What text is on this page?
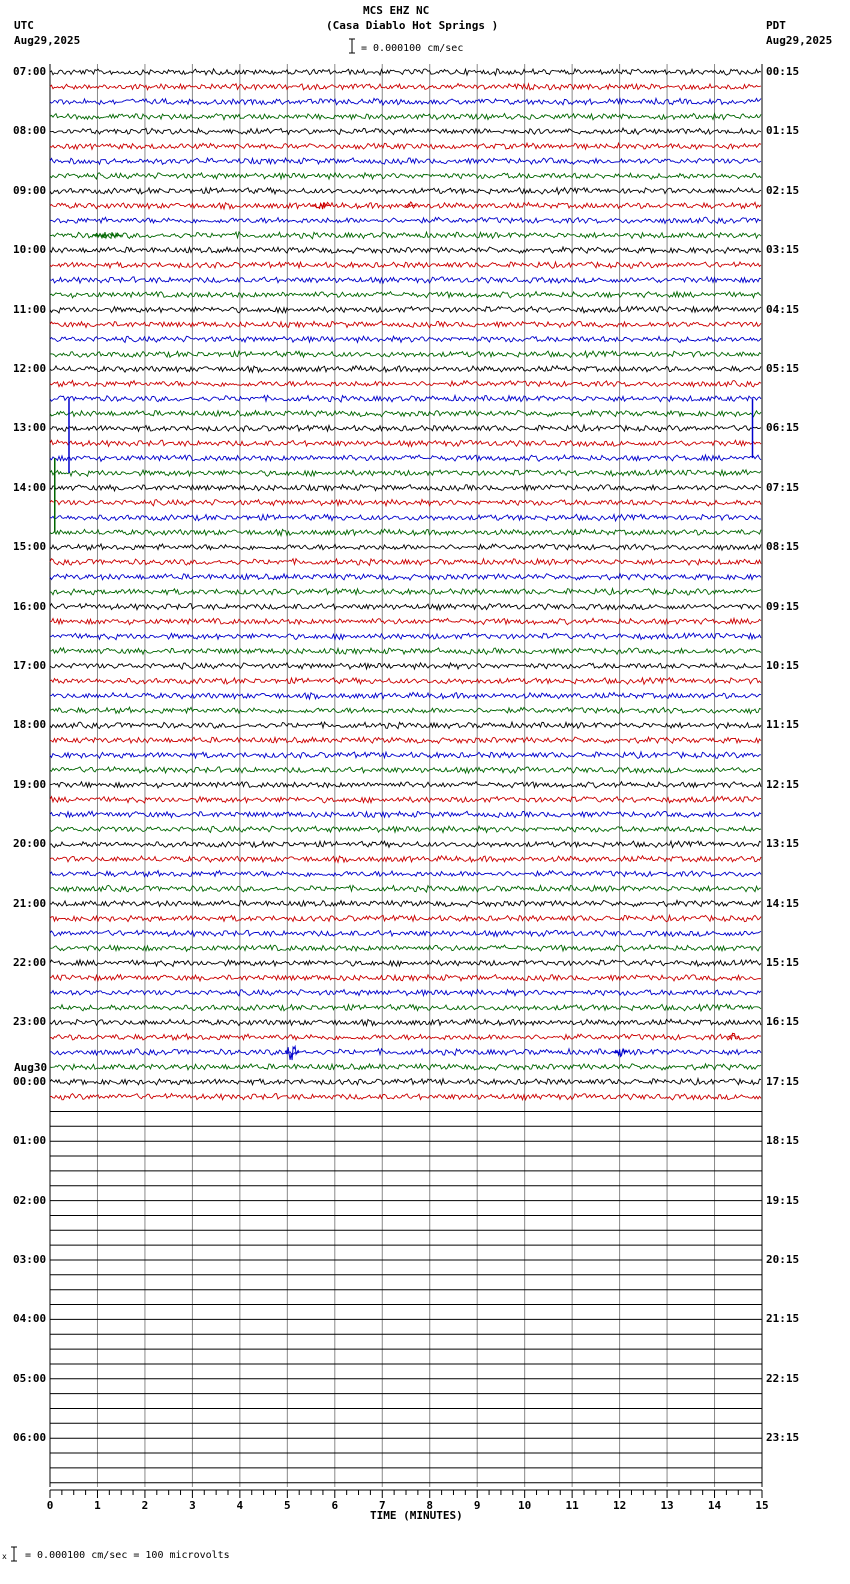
0	1	2	3	4	5	6	7	8	9	10	11	12	13	14	15
MCS EHZ NC
(Casa Diablo Hot Springs )
UTC
Aug29,2025
PDT
Aug29,2025
= 0.000100 cm/sec
TIME (MINUTES)
Aug30
07:00	00:15
08:00	01:15
09:00	02:15
10:00	03:15
11:00	04:15
12:00	05:15
13:00	06:15
14:00	07:15
15:00	08:15
16:00	09:15
17:00	10:15
18:00	11:15
19:00	12:15
20:00	13:15
21:00	14:15
22:00	15:15
23:00	16:15
00:00	17:15
01:00	18:15
02:00	19:15
03:00	20:15
04:00	21:15
05:00	22:15
06:00	23:15
x = 0.000100 cm/sec = 100 microvolts
